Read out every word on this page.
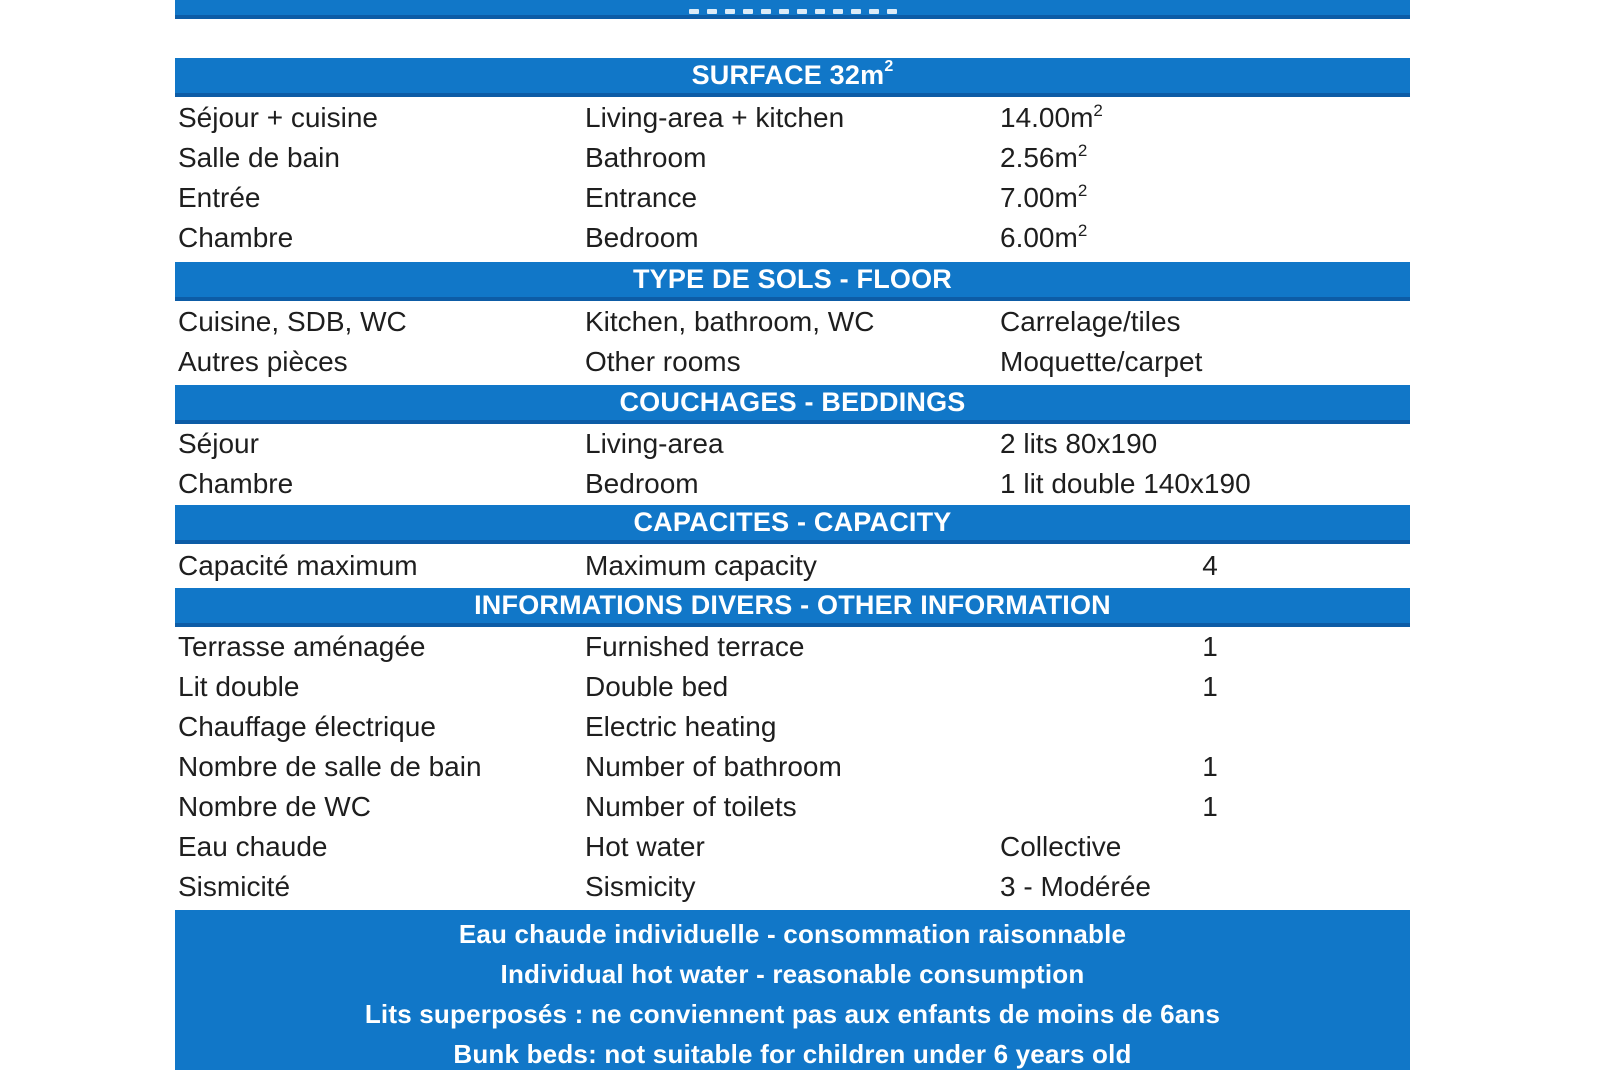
SURFACE 32m 2
Séjour + cuisine	Living-area + kitchen	$14.00m^2$
Salle de bain	Bathroom	$2.56m^2$
Entrée	Entrance	$7.00m^2$
Chambre	Bedroom	$6.00m^2$
TYPE DE SOLS - FLOOR
Cuisine, SDB, WC	Kitchen, bathroom, WC	Carrelage/tiles
Autres pièces	Other rooms	Moquette/carpet
COUCHAGES - BEDDINGS
Séjour	Living-area	2 lits 80x190
Chambre	Bedroom	1 lit double 140x190
CAPACITES - CAPACITY
Capacité maximum	Maximum capacity	4
INFORMATIONS DIVERS - OTHER INFORMATION
Terrasse aménagée	Furnished terrace	1
Lit double	Double bed	1
Chauffage électrique	Electric heating
Nombre de salle de bain	Number of bathroom	1
Nombre de WC	Number of toilets	1
Eau chaude	Hot water	Collective
Sismicité	Sismicity	3 - Modérée
Eau chaude individuelle - consommation raisonnable
Individual hot water - reasonable consumption
Lits superposés : ne conviennent pas aux enfants de moins de 6ans
Bunk beds: not suitable for children under 6 years old
